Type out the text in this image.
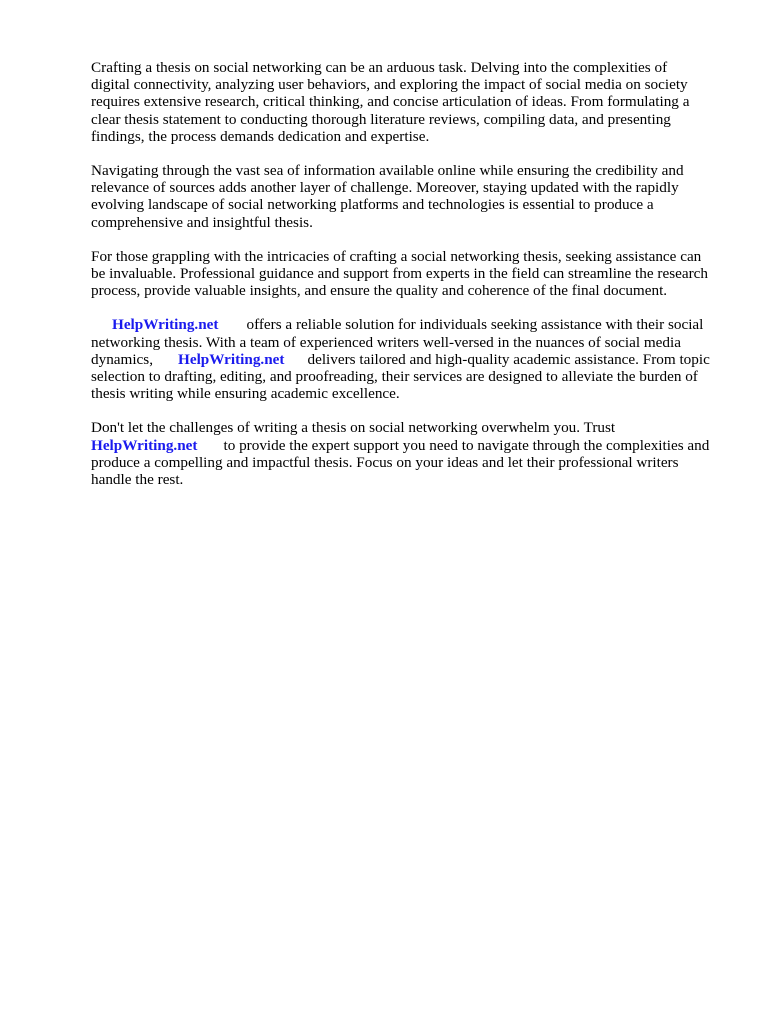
Crafting a thesis on social networking can be an arduous task. Delving into the complexities of
digital connectivity, analyzing user behaviors, and exploring the impact of social media on society
requires extensive research, critical thinking, and concise articulation of ideas. From formulating a
clear thesis statement to conducting thorough literature reviews, compiling data, and presenting
findings, the process demands dedication and expertise.

Navigating through the vast sea of information available online while ensuring the credibility and
relevance of sources adds another layer of challenge. Moreover, staying updated with the rapidly
evolving landscape of social networking platforms and technologies is essential to produce a
comprehensive and insightful thesis.

For those grappling with the intricacies of crafting a social networking thesis, seeking assistance can
be invaluable. Professional guidance and support from experts in the field can streamline the research
process, provide valuable insights, and ensure the quality and coherence of the final document.

HelpWriting.net offers a reliable solution for individuals seeking assistance with their social
networking thesis. With a team of experienced writers well-versed in the nuances of social media
dynamics, HelpWriting.net delivers tailored and high-quality academic assistance. From topic
selection to drafting, editing, and proofreading, their services are designed to alleviate the burden of
thesis writing while ensuring academic excellence.

Don't let the challenges of writing a thesis on social networking overwhelm you. Trust
HelpWriting.net to provide the expert support you need to navigate through the complexities and
produce a compelling and impactful thesis. Focus on your ideas and let their professional writers
handle the rest.
